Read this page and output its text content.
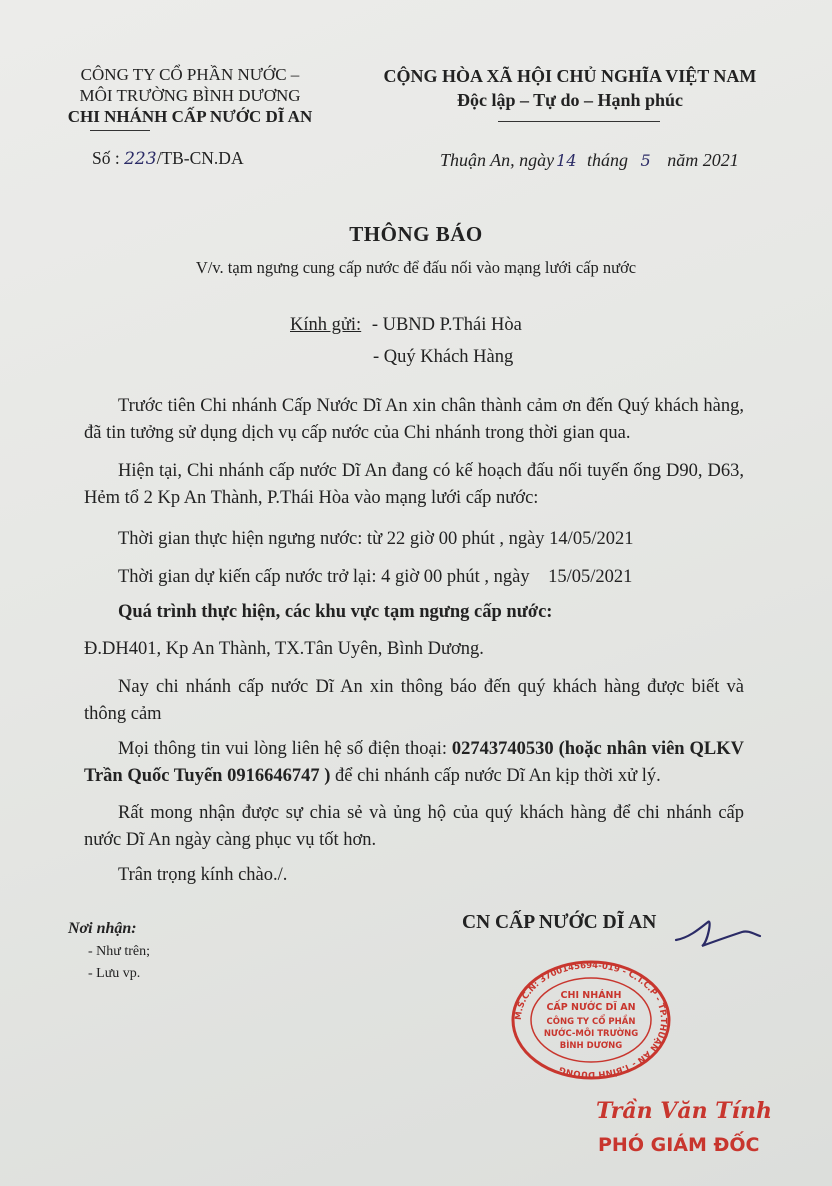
CÔNG TY CỔ PHẦN NƯỚC –
MÔI TRƯỜNG BÌNH DƯƠNG
CHI NHÁNH CẤP NƯỚC DĨ AN
CỘNG HÒA XÃ HỘI CHỦ NGHĨA VIỆT NAM
Độc lập – Tự do – Hạnh phúc
Số : 223/TB-CN.DA	Thuận An, ngày 14 tháng 5 năm 2021
THÔNG BÁO
V/v. tạm ngưng cung cấp nước để đấu nối vào mạng lưới cấp nước
Kính gửi: - UBND P.Thái Hòa
- Quý Khách Hàng
Trước tiên Chi nhánh Cấp Nước Dĩ An xin chân thành cảm ơn đến Quý khách hàng, đã tin tưởng sử dụng dịch vụ cấp nước của Chi nhánh trong thời gian qua.
Hiện tại, Chi nhánh cấp nước Dĩ An đang có kế hoạch đấu nối tuyến ống D90, D63, Hẻm tổ 2 Kp An Thành, P.Thái Hòa vào mạng lưới cấp nước:
Thời gian thực hiện ngưng nước: từ 22 giờ 00 phút , ngày 14/05/2021
Thời gian dự kiến cấp nước trở lại: 4 giờ 00 phút , ngày    15/05/2021
Quá trình thực hiện, các khu vực tạm ngưng cấp nước:
Đ.DH401, Kp An Thành, TX.Tân Uyên, Bình Dương.
Nay chi nhánh cấp nước Dĩ An xin thông báo đến quý khách hàng được biết và thông cảm
Mọi thông tin vui lòng liên hệ số điện thoại: 02743740530 (hoặc nhân viên QLKV Trần Quốc Tuyến 0916646747 ) để chi nhánh cấp nước Dĩ An kịp thời xử lý.
Rất mong nhận được sự chia sẻ và ủng hộ của quý khách hàng để chi nhánh cấp nước Dĩ An ngày càng phục vụ tốt hơn.
Trân trọng kính chào./.
Nơi nhận:
- Như trên;
- Lưu vp.
CN CẤP NƯỚC DĨ AN
M.S.C.N: 3700145694-019 - C.T.C.P - TP.THUẬN AN - T.BÌNH DƯƠNG
CHI NHÁNH
CẤP NƯỚC DĨ AN
CÔNG TY CỔ PHẦN
NƯỚC-MÔI TRƯỜNG
BÌNH DƯƠNG
Trần Văn Tính
PHÓ GIÁM ĐỐC
